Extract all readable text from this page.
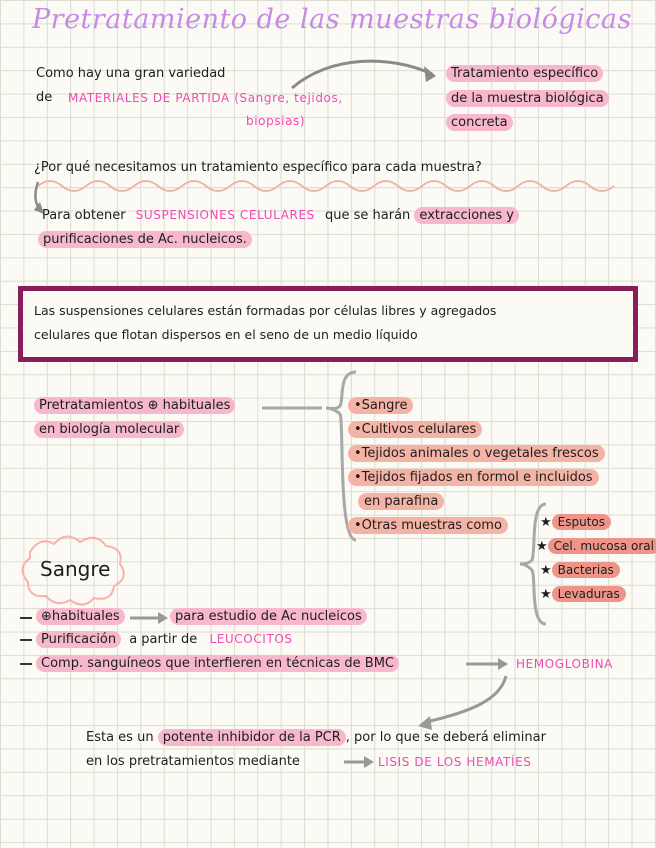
Pretratamiento de las muestras biológicas
Como hay una gran variedad
de MATERIALES DE PARTIDA (Sangre, tejidos,
biopsias)
Tratamiento específico
de la muestra biológica
concreta
¿Por qué necesitamos un tratamiento específico para cada muestra?
Para obtener SUSPENSIONES CELULARES que se harán extracciones y
purificaciones de Ac. nucleicos.
Las suspensiones celulares están formadas por células libres y agregados
celulares que flotan dispersos en el seno de un medio líquido
Pretratamientos ⊕ habituales
en biología molecular
•Sangre
•Cultivos celulares
•Tejidos animales o vegetales frescos
•Tejidos fijados en formol e incluidos
en parafina
•Otras muestras como	★ Esputos
★ Cel. mucosa oral
★ Bacterias
★ Levaduras
Sangre
⊕habituales	para estudio de Ac nucleicos
Purificación a partir de LEUCOCITOS
Comp. sanguíneos que interfieren en técnicas de BMC	HEMOGLOBINA
Esta es un potente inhibidor de la PCR , por lo que se deberá eliminar
en los pretratamientos mediante	LISIS DE LOS HEMATÍES
